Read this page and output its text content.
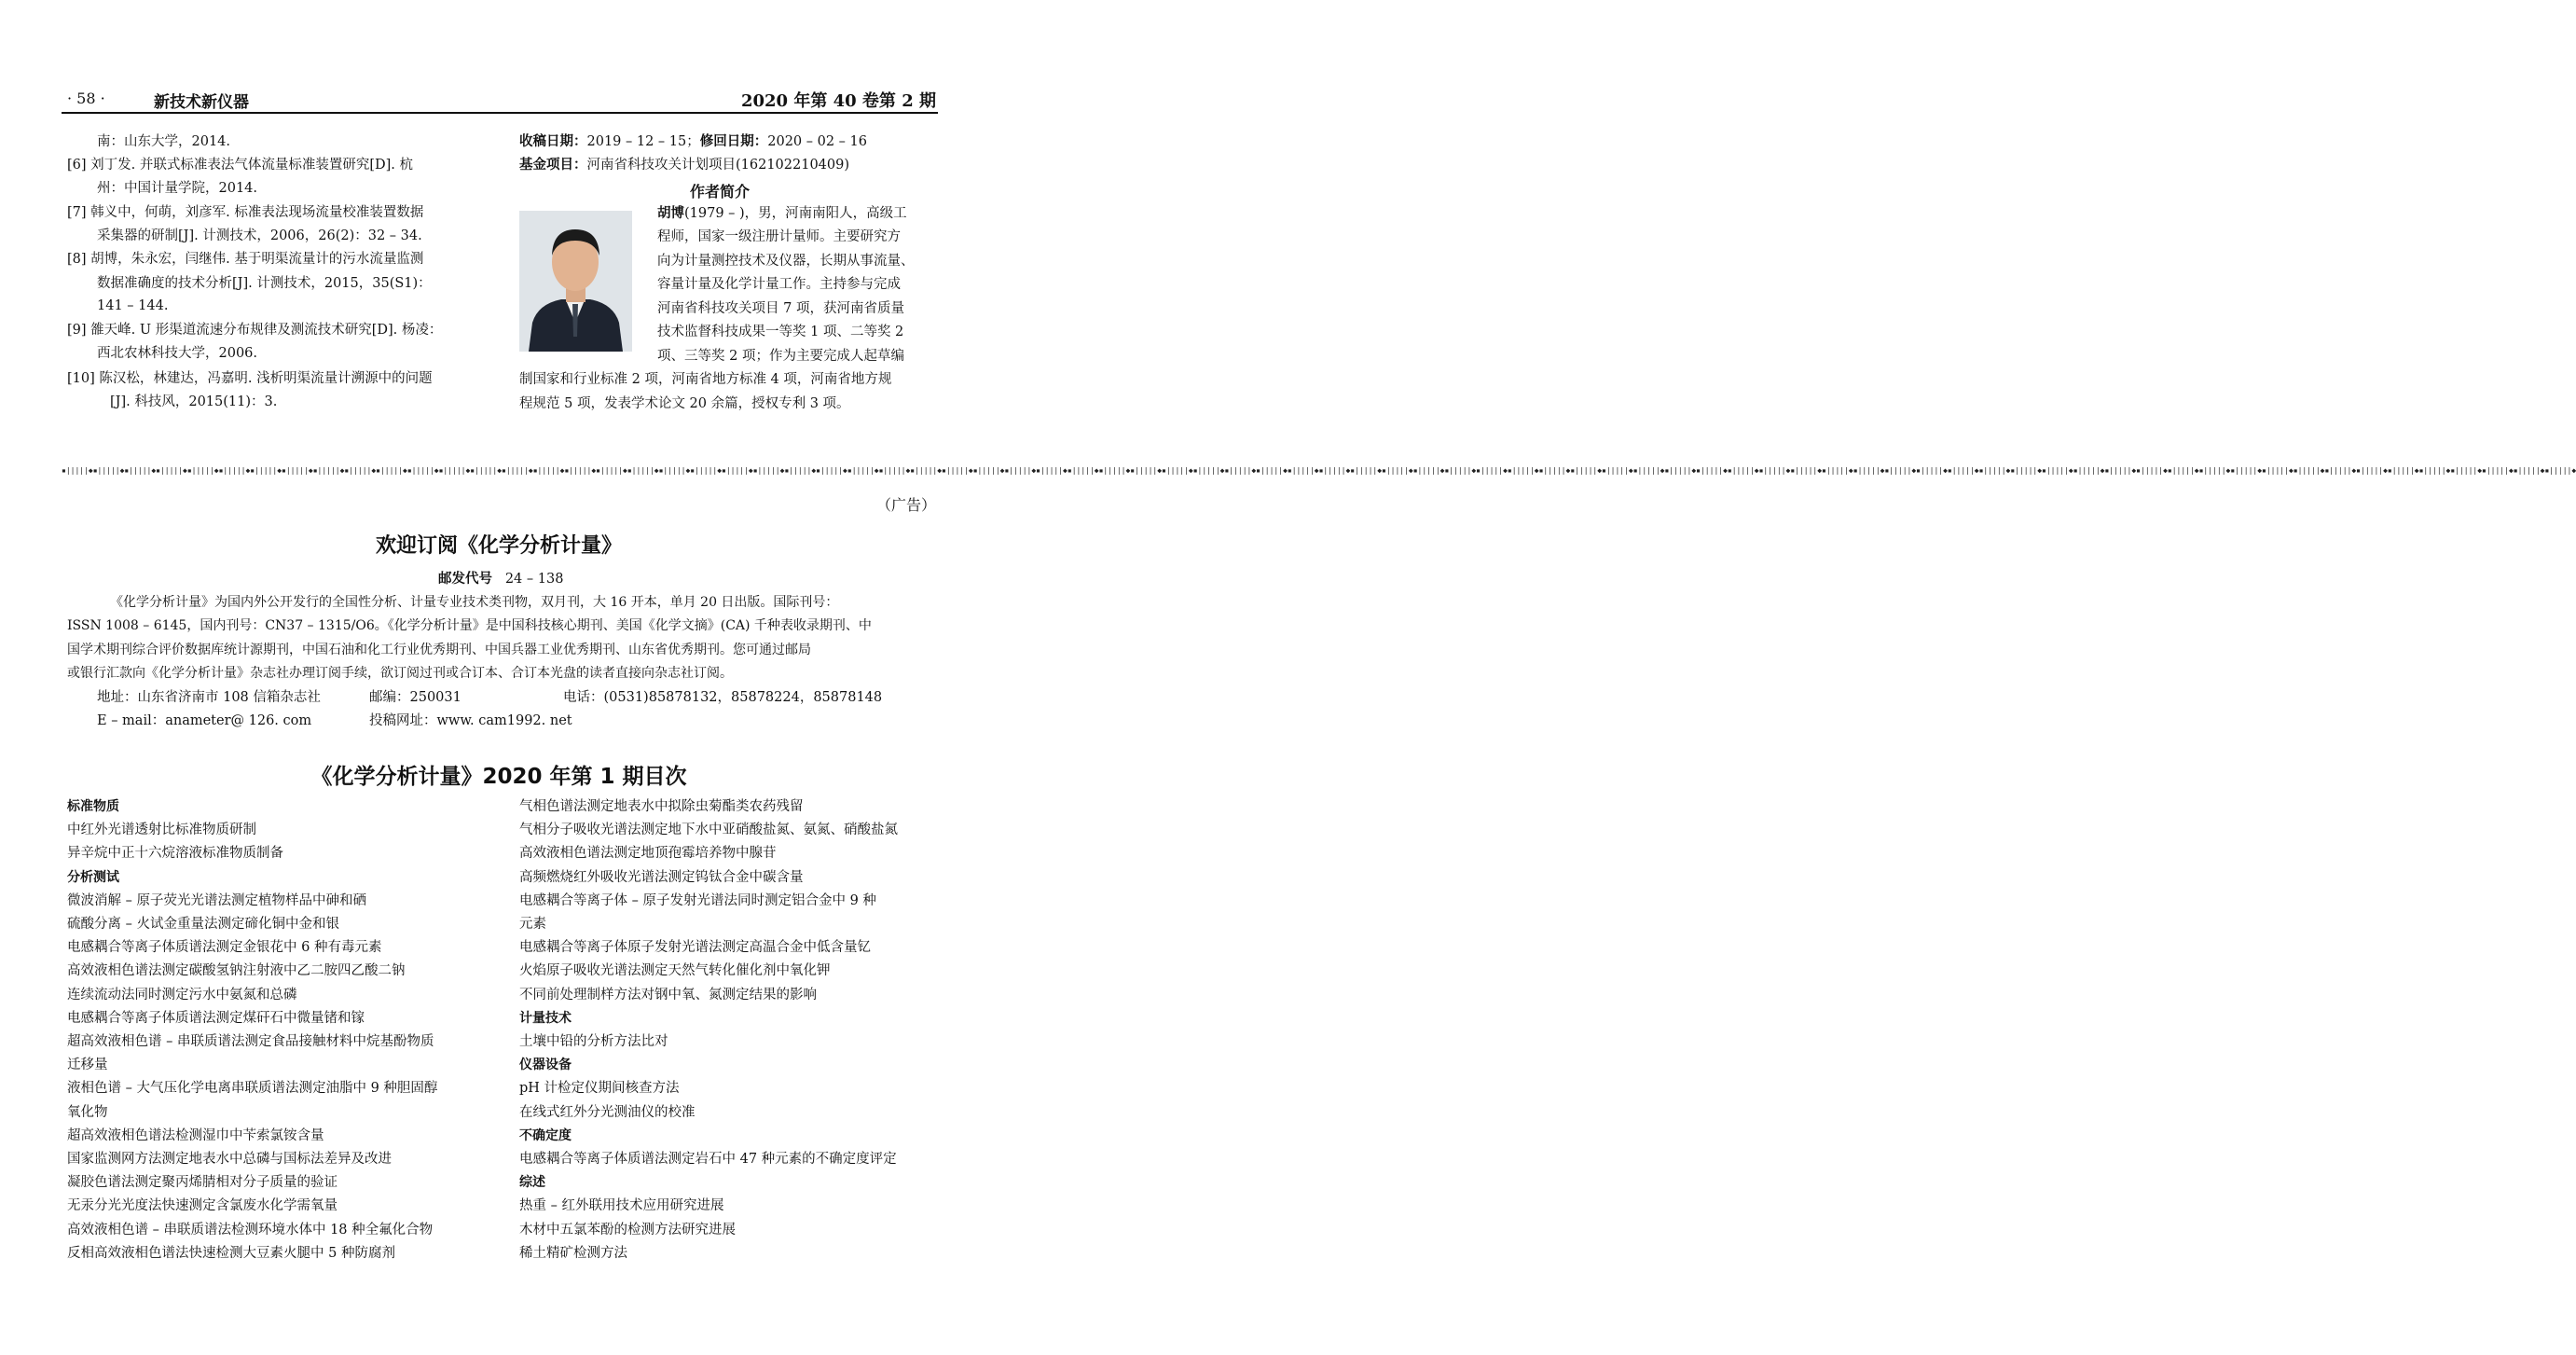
· 58 ·	新技术新仪器	2020 年第 40 卷第 2 期
南：山东大学，2014.
[6] 刘丁发. 并联式标准表法气体流量标准装置研究[D]. 杭
州：中国计量学院，2014.
[7] 韩义中，何萌，刘彦军. 标准表法现场流量校准装置数据
采集器的研制[J]. 计测技术，2006，26(2)：32 – 34.
[8] 胡博，朱永宏，闫继伟. 基于明渠流量计的污水流量监测
数据准确度的技术分析[J]. 计测技术，2015，35(S1)：
141 – 144.
[9] 雒天峰. U 形渠道流速分布规律及测流技术研究[D]. 杨凌：
西北农林科技大学，2006.
[10] 陈汉松，林建达，冯嘉明. 浅析明渠流量计溯源中的问题
[J]. 科技风，2015(11)：3.
收稿日期：2019 – 12 – 15；修回日期：2020 – 02 – 16
基金项目：河南省科技攻关计划项目(162102210409)
作者简介
胡博(1979 – )，男，河南南阳人，高级工
程师，国家一级注册计量师。主要研究方
向为计量测控技术及仪器，长期从事流量、
容量计量及化学计量工作。主持参与完成
河南省科技攻关项目 7 项，获河南省质量
技术监督科技成果一等奖 1 项、二等奖 2
项、三等奖 2 项；作为主要完成人起草编
制国家和行业标准 2 项，河南省地方标准 4 项，河南省地方规
程规范 5 项，发表学术论文 20 余篇，授权专利 3 项。
▪|||||◆▪|||||◆▪|||||◆▪|||||◆▪|||||◆▪|||||◆▪|||||◆▪|||||◆▪|||||◆▪|||||◆▪|||||◆▪|||||◆▪|||||◆▪|||||◆▪|||||◆▪|||||◆▪|||||◆▪|||||◆▪|||||◆▪|||||◆▪|||||◆▪|||||◆▪|||||◆▪|||||◆▪|||||◆▪|||||◆▪|||||◆▪|||||◆▪|||||◆▪|||||◆▪|||||◆▪|||||◆▪|||||◆▪|||||◆▪|||||◆▪|||||◆▪|||||◆▪|||||◆▪|||||◆▪|||||◆▪|||||◆▪|||||◆▪|||||◆▪|||||◆▪|||||◆▪|||||◆▪|||||◆▪|||||◆▪|||||◆▪|||||◆▪|||||◆▪|||||◆▪|||||◆▪|||||◆▪|||||◆▪|||||◆▪|||||◆▪|||||◆▪|||||◆▪|||||◆▪|||||◆▪|||||◆▪|||||◆▪|||||◆▪|||||◆▪|||||◆▪|||||◆▪|||||◆▪|||||◆▪|||||◆▪|||||◆▪|||||◆▪|||||◆▪|||||◆▪|||||◆▪|||||◆▪|||||◆▪|||||◆▪|||||◆▪|||||◆
（广告）
欢迎订阅《化学分析计量》
邮发代号 24 – 138
《化学分析计量》为国内外公开发行的全国性分析、计量专业技术类刊物，双月刊，大 16 开本，单月 20 日出版。国际刊号：
ISSN 1008 – 6145，国内刊号：CN37 – 1315/O6。《化学分析计量》是中国科技核心期刊、美国《化学文摘》(CA) 千种表收录期刊、中
国学术期刊综合评价数据库统计源期刊，中国石油和化工行业优秀期刊、中国兵器工业优秀期刊、山东省优秀期刊。您可通过邮局
或银行汇款向《化学分析计量》杂志社办理订阅手续，欲订阅过刊或合订本、合订本光盘的读者直接向杂志社订阅。
地址：山东省济南市 108 信箱杂志社	邮编：250031	电话：(0531)85878132，85878224，85878148
E – mail：anameter@ 126. com	投稿网址：www. cam1992. net
《化学分析计量》2020 年第 1 期目次
标准物质
中红外光谱透射比标准物质研制
异辛烷中正十六烷溶液标准物质制备
分析测试
微波消解 – 原子荧光光谱法测定植物样品中砷和硒
硫酸分离 – 火试金重量法测定碲化铜中金和银
电感耦合等离子体质谱法测定金银花中 6 种有毒元素
高效液相色谱法测定碳酸氢钠注射液中乙二胺四乙酸二钠
连续流动法同时测定污水中氨氮和总磷
电感耦合等离子体质谱法测定煤矸石中微量锗和镓
超高效液相色谱 – 串联质谱法测定食品接触材料中烷基酚物质
迁移量
液相色谱 – 大气压化学电离串联质谱法测定油脂中 9 种胆固醇
氧化物
超高效液相色谱法检测湿巾中苄索氯铵含量
国家监测网方法测定地表水中总磷与国标法差异及改进
凝胶色谱法测定聚丙烯腈相对分子质量的验证
无汞分光光度法快速测定含氯废水化学需氧量
高效液相色谱 – 串联质谱法检测环境水体中 18 种全氟化合物
反相高效液相色谱法快速检测大豆素火腿中 5 种防腐剂
气相色谱法测定地表水中拟除虫菊酯类农药残留
气相分子吸收光谱法测定地下水中亚硝酸盐氮、氨氮、硝酸盐氮
高效液相色谱法测定地顶孢霉培养物中腺苷
高频燃烧红外吸收光谱法测定钨钛合金中碳含量
电感耦合等离子体 – 原子发射光谱法同时测定铝合金中 9 种
元素
电感耦合等离子体原子发射光谱法测定高温合金中低含量钇
火焰原子吸收光谱法测定天然气转化催化剂中氧化钾
不同前处理制样方法对钢中氧、氮测定结果的影响
计量技术
土壤中铅的分析方法比对
仪器设备
pH 计检定仪期间核查方法
在线式红外分光测油仪的校准
不确定度
电感耦合等离子体质谱法测定岩石中 47 种元素的不确定度评定
综述
热重 – 红外联用技术应用研究进展
木材中五氯苯酚的检测方法研究进展
稀土精矿检测方法
